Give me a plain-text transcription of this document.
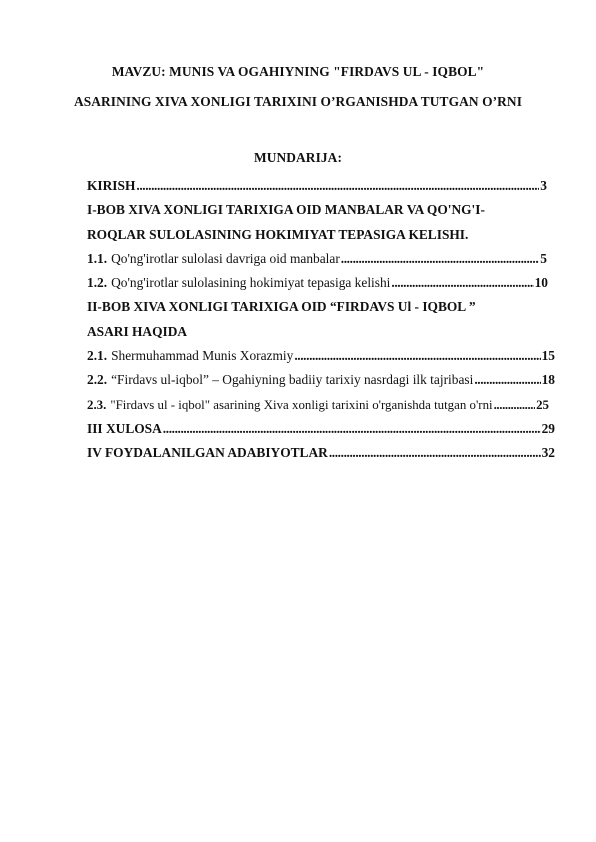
MAVZU: MUNIS VA OGAHIYNING "FIRDAVS UL - IQBOL"
ASARINING XIVA XONLIGI TARIXINI O’RGANISHDA TUTGAN O’RNI
MUNDARIJA:
KIRISH .....	3
I-BOB XIVA XONLIGI TARIXIGA OID MANBALAR VA QO'NG'I-
ROQLAR SULOLASINING HOKIMIYAT TEPASIGA KELISHI.
1.1. Qo'ng'irotlar sulolasi davriga oid manbalar .....	5
1.2. Qo'ng'irotlar sulolasining hokimiyat tepasiga kelishi .....	10
II-BOB XIVA XONLIGI TARIXIGA OID “FIRDAVS Ul - IQBOL ”
ASARI HAQIDA
2.1. Shermuhammad Munis Xorazmiy .....	15
2.2. “Firdavs ul-iqbol” – Ogahiyning badiiy tarixiy nasrdagi ilk tajribasi .....	18
2.3. "Firdavs ul - iqbol" asarining Xiva xonligi tarixini o'rganishda tutgan o'rni .....	25
III XULOSA .....	29
IV FOYDALANILGAN ADABIYOTLAR .....	32
